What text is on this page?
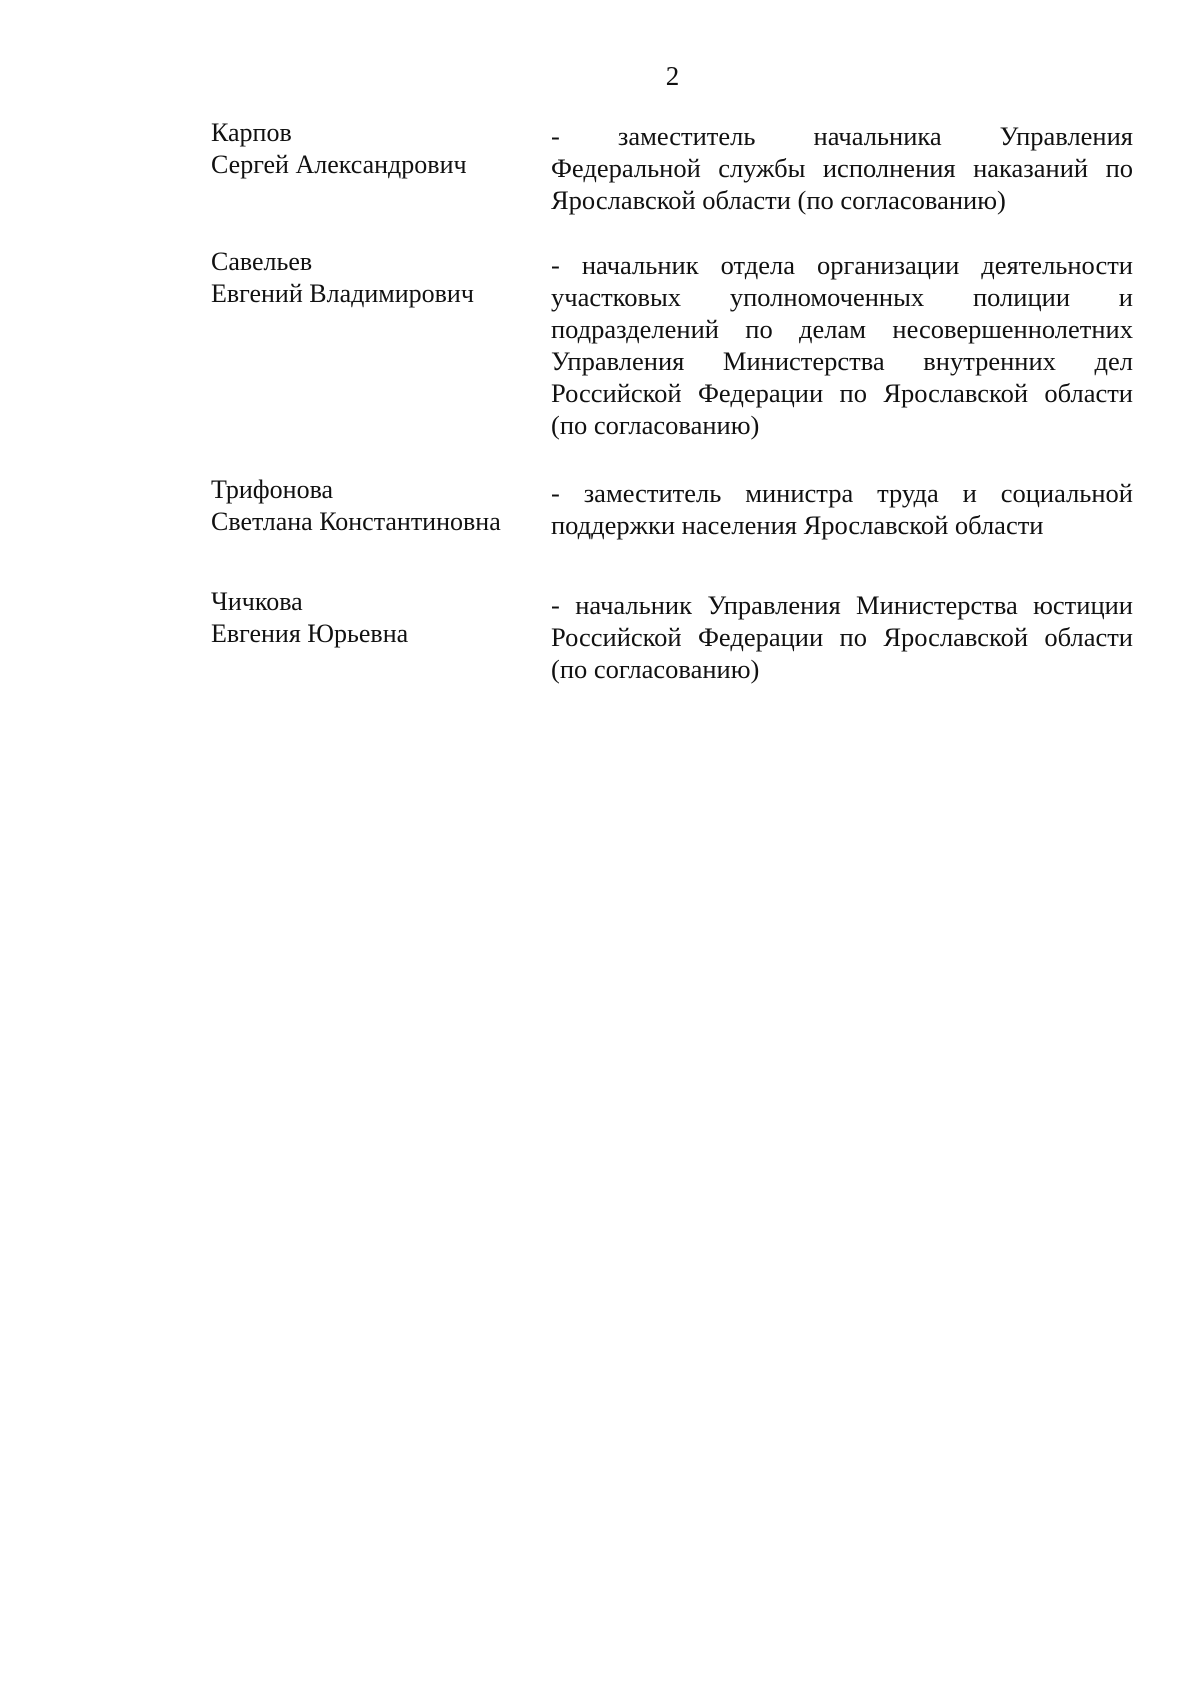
2
Карпов
Сергей Александрович
- заместитель начальника Управления Федеральной службы исполнения наказаний по Ярославской области (по согласованию)
Савельев
Евгений Владимирович
- начальник отдела организации деятельности участковых уполномоченных полиции и подразделений по делам несовершеннолетних Управления Министерства внутренних дел Российской Федерации по Ярославской области (по согласованию)
Трифонова
Светлана Константиновна
- заместитель министра труда и социальной поддержки населения Ярославской области
Чичкова
Евгения Юрьевна
- начальник Управления Министерства юстиции Российской Федерации по Ярославской области (по согласованию)
